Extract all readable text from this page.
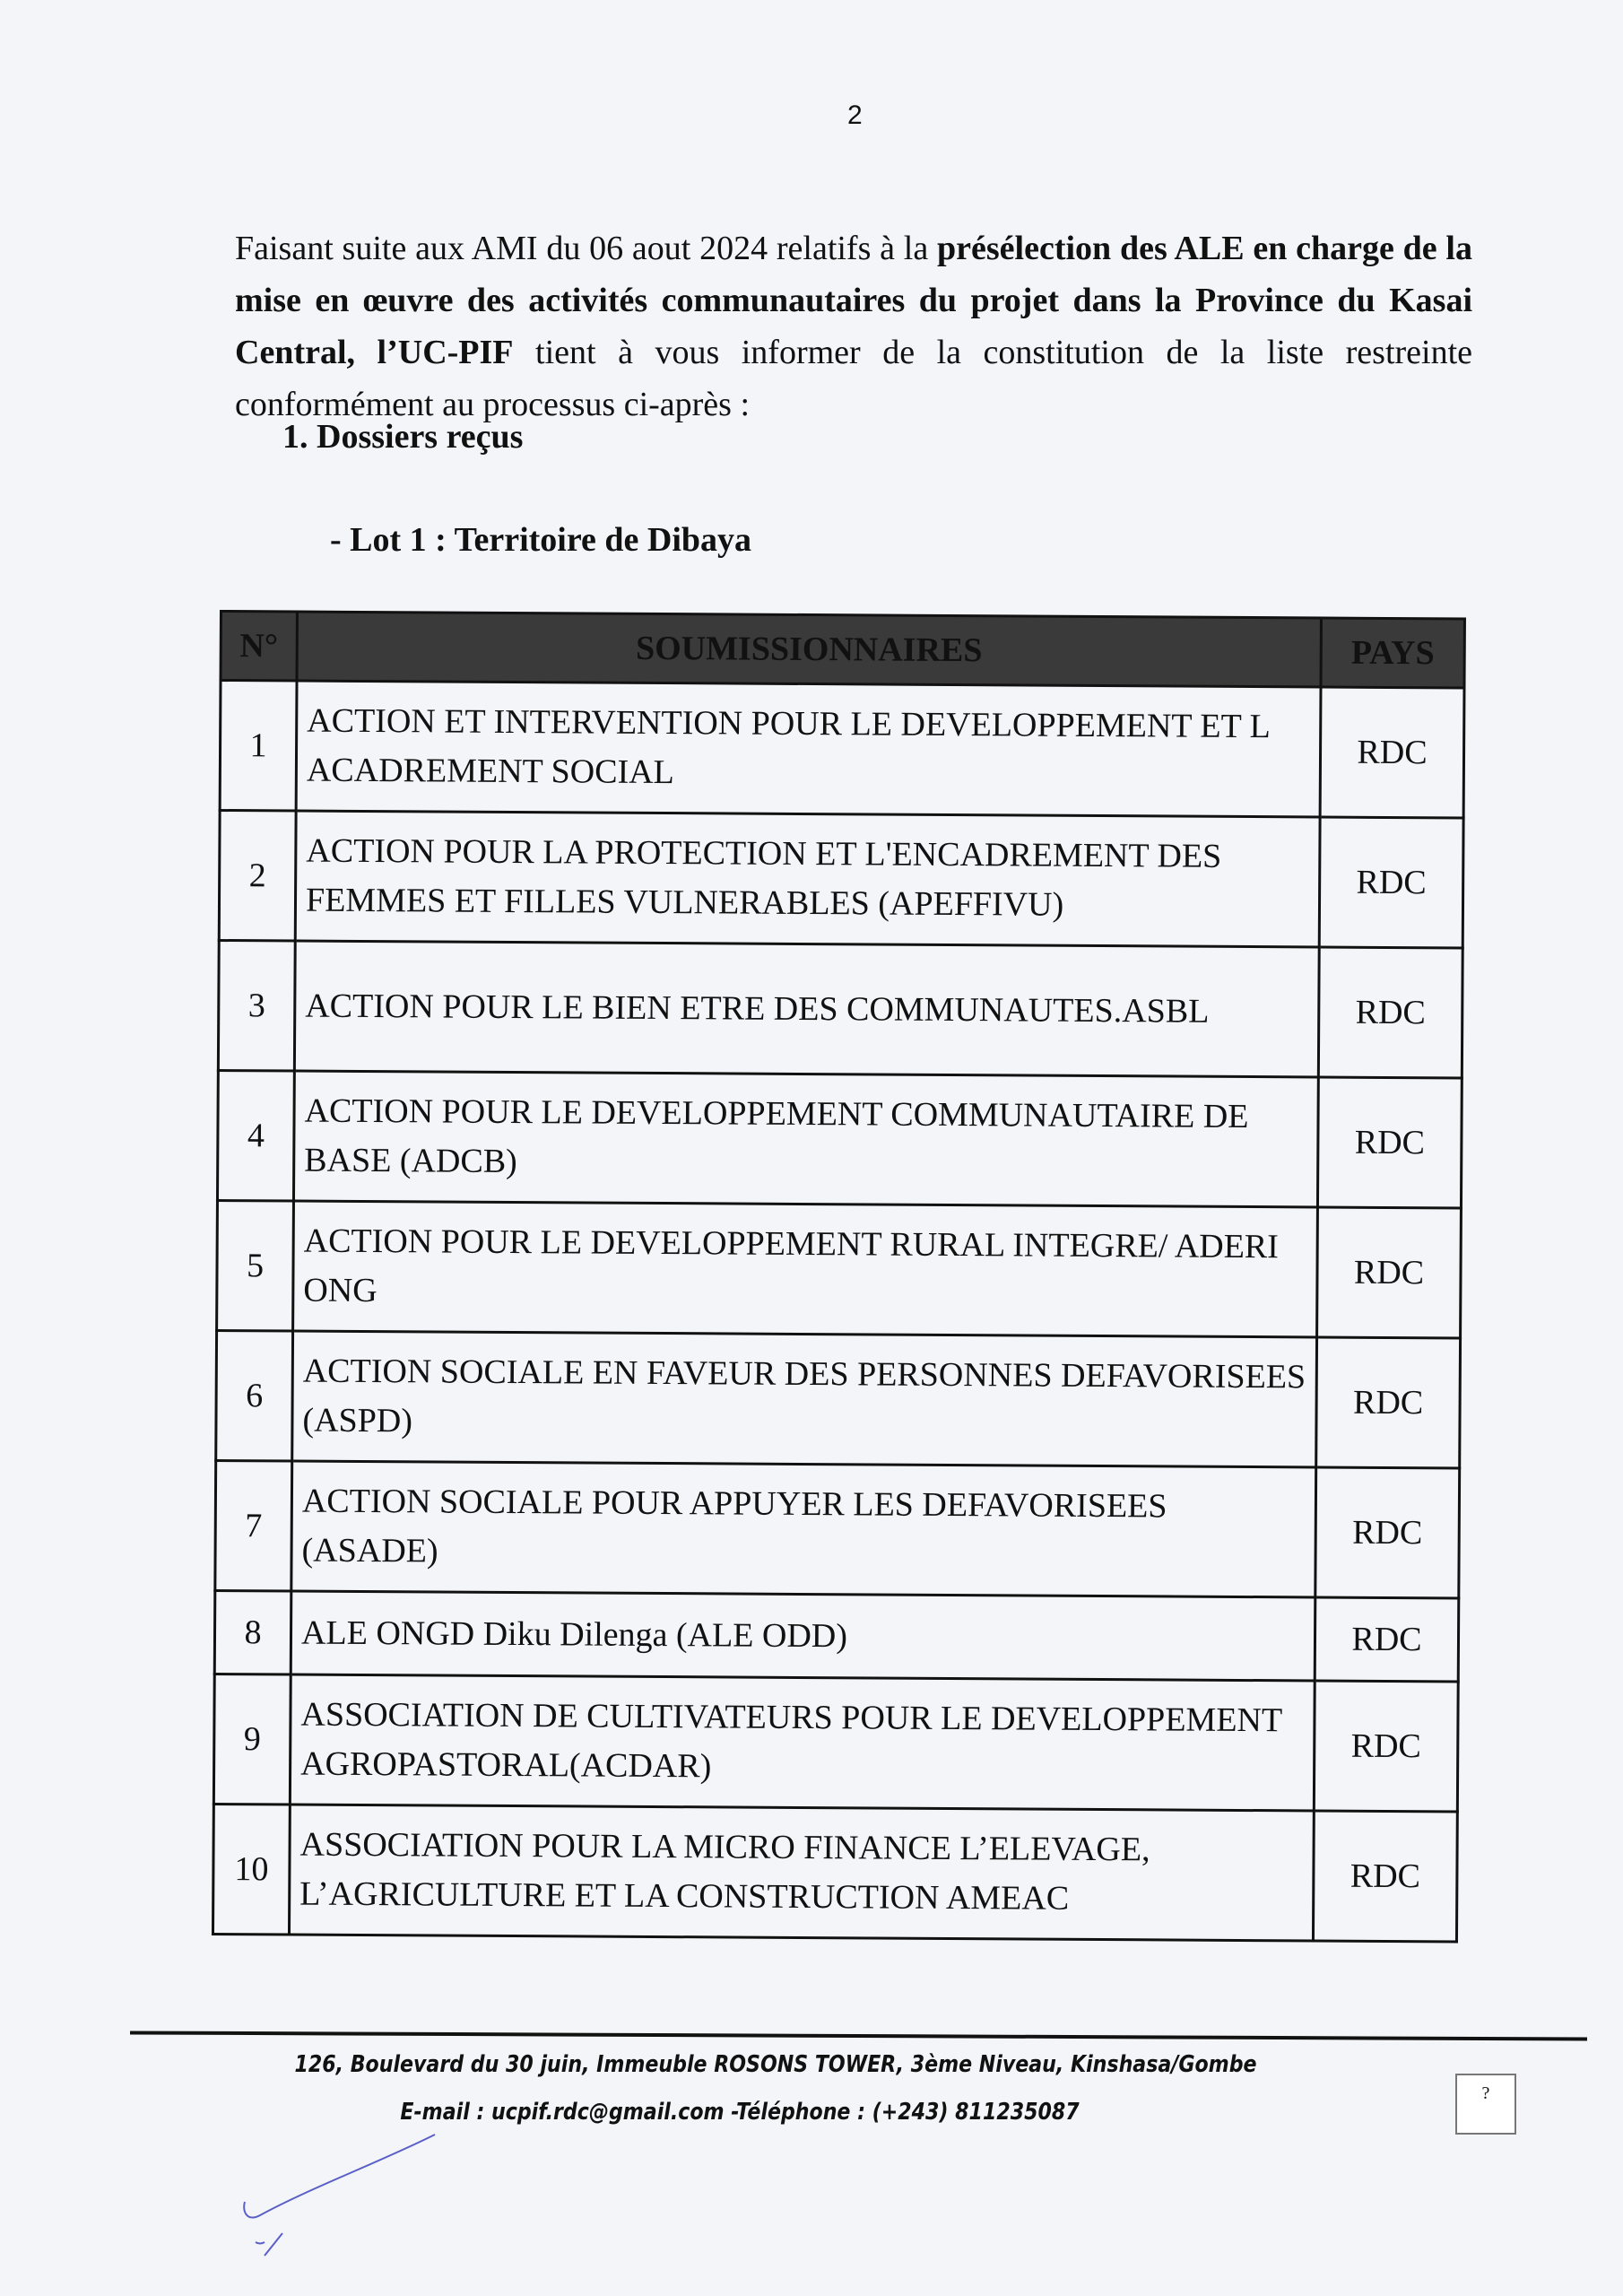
2

Faisant suite aux AMI du 06 aout 2024 relatifs à la présélection des ALE en charge de la mise en œuvre des activités communautaires du projet dans la Province du Kasai Central, l’UC-PIF tient à vous informer de la constitution de la liste restreinte conformément au processus ci-après :

1. Dossiers reçus
- Lot 1 : Territoire de Dibaya
N°	SOUMISSIONNAIRES	PAYS
1	ACTION ET INTERVENTION POUR LE DEVELOPPEMENT ET L ACADREMENT SOCIAL	RDC
2	ACTION POUR LA PROTECTION ET L'ENCADREMENT DES FEMMES ET FILLES VULNERABLES (APEFFIVU)	RDC
3	ACTION POUR LE BIEN ETRE DES COMMUNAUTES.ASBL	RDC
4	ACTION POUR LE DEVELOPPEMENT COMMUNAUTAIRE DE BASE (ADCB)	RDC
5	ACTION POUR LE DEVELOPPEMENT RURAL INTEGRE/ ADERI ONG	RDC
6	ACTION SOCIALE EN FAVEUR DES PERSONNES DEFAVORISEES (ASPD)	RDC
7	ACTION SOCIALE POUR APPUYER LES DEFAVORISEES (ASADE)	RDC
8	ALE ONGD Diku Dilenga (ALE ODD)	RDC
9	ASSOCIATION DE CULTIVATEURS POUR LE DEVELOPPEMENT AGROPASTORAL(ACDAR)	RDC
10	ASSOCIATION POUR LA MICRO FINANCE L’ELEVAGE, L’AGRICULTURE ET LA CONSTRUCTION AMEAC	RDC
126, Boulevard du 30 juin, Immeuble ROSONS TOWER, 3ème Niveau, Kinshasa/Gombe
E-mail : ucpif.rdc@gmail.com -Téléphone : (+243) 811235087
?
